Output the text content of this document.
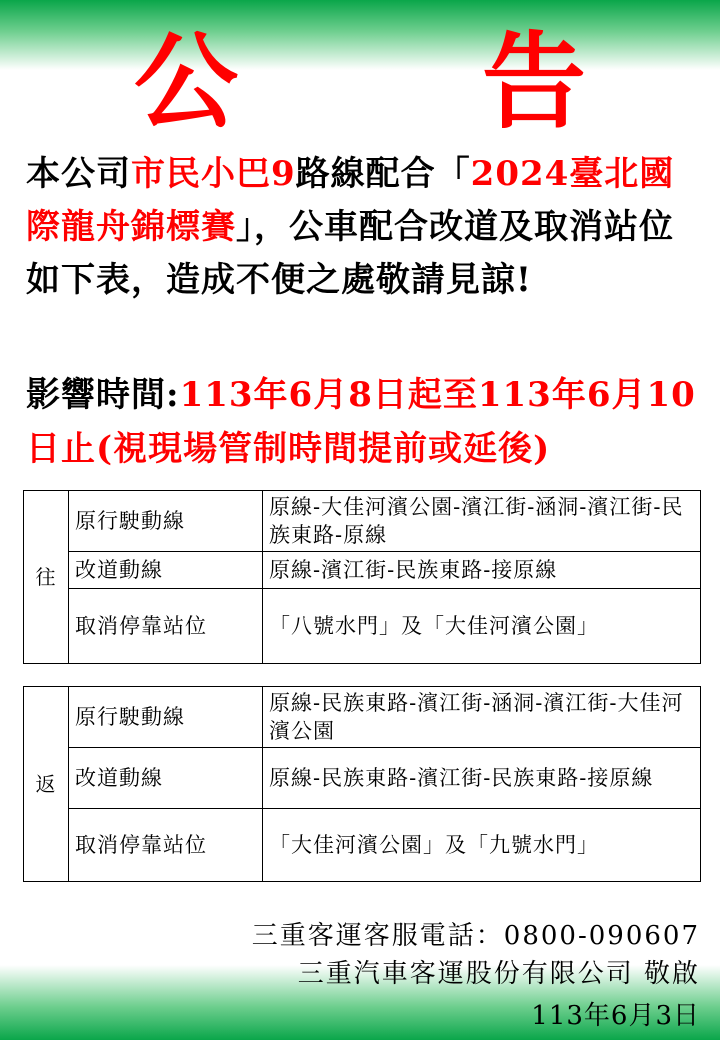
公　告
本公司市民小巴9路線配合「2024臺北國際龍舟錦標賽」，公車配合改道及取消站位如下表，造成不便之處敬請見諒!
影響時間:113年6月8日起至113年6月10日止(視現場管制時間提前或延後)
往	原行駛動線	原線-大佳河濱公園-濱江街-涵洞-濱江街-民族東路-原線
	改道動線	原線-濱江街-民族東路-接原線
	取消停靠站位	「八號水門」及「大佳河濱公園」
返	原行駛動線	原線-民族東路-濱江街-涵洞-濱江街-大佳河濱公園
	改道動線	原線-民族東路-濱江街-民族東路-接原線
	取消停靠站位	「大佳河濱公園」及「九號水門」
三重客運客服電話：0800-090607
三重汽車客運股份有限公司 敬啟
113年6月3日
